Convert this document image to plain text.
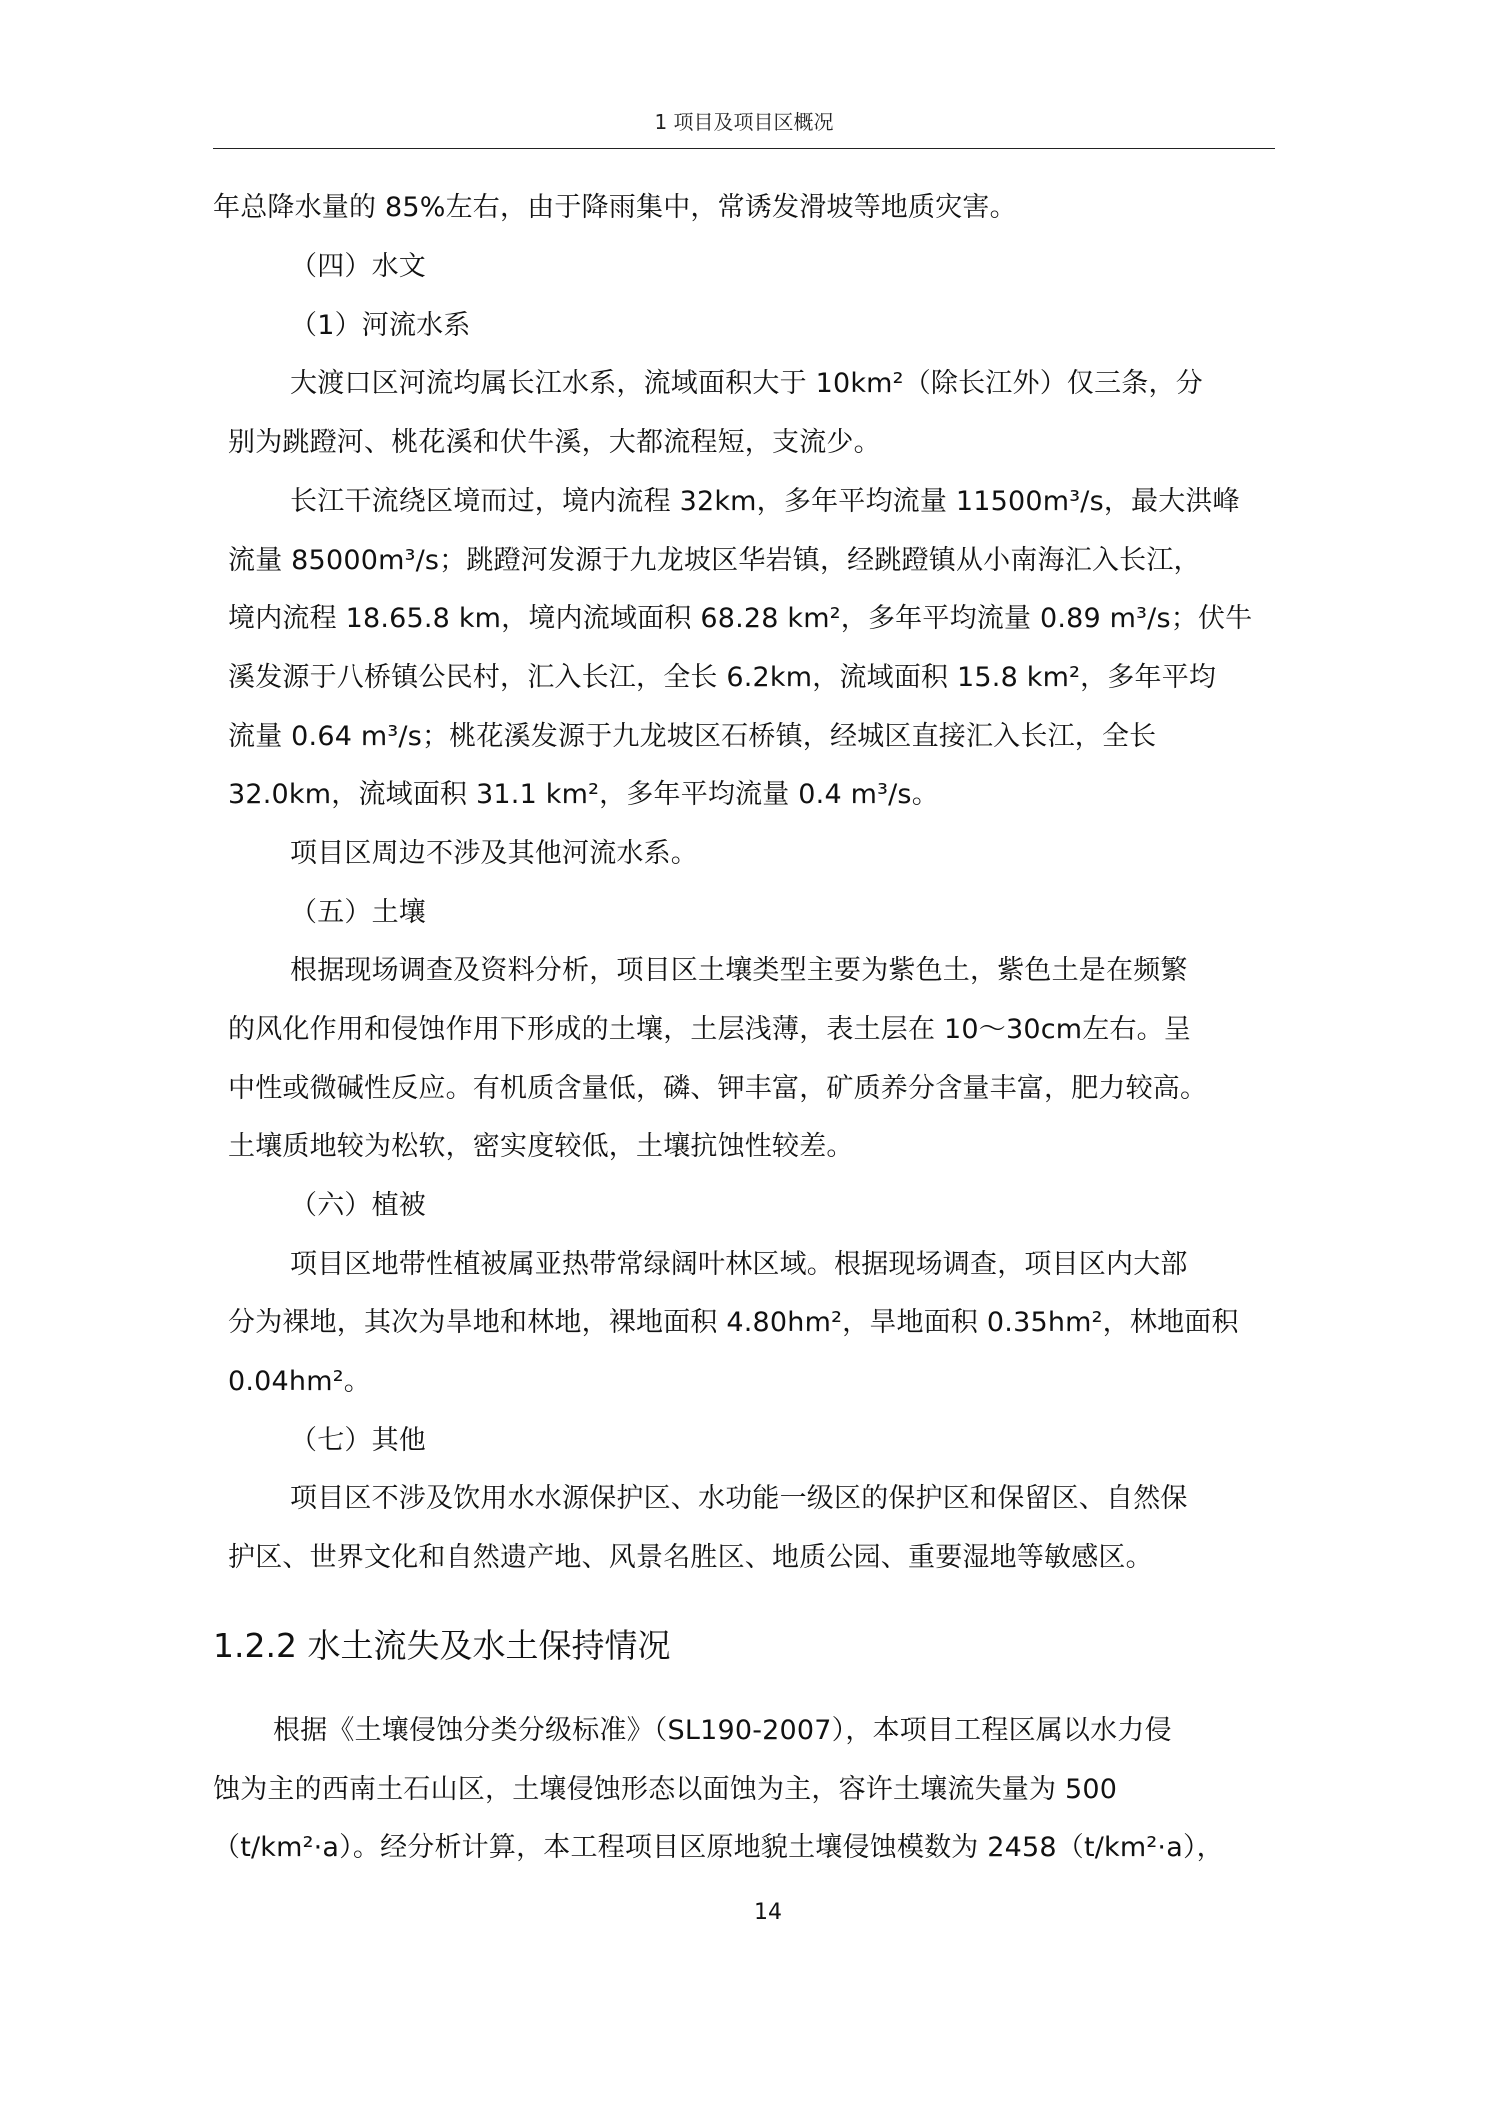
1 项目及项目区概况
年总降水量的 85%左右，由于降雨集中，常诱发滑坡等地质灾害。
（四）水文
（1）河流水系
大渡口区河流均属长江水系，流域面积大于 10km²（除长江外）仅三条，分
别为跳蹬河、桃花溪和伏牛溪，大都流程短，支流少。
长江干流绕区境而过，境内流程 32km，多年平均流量 11500m³/s，最大洪峰
流量 85000m³/s；跳蹬河发源于九龙坡区华岩镇，经跳蹬镇从小南海汇入长江，
境内流程 18.65.8 km，境内流域面积 68.28 km²，多年平均流量 0.89 m³/s；伏牛
溪发源于八桥镇公民村，汇入长江，全长 6.2km，流域面积 15.8 km²，多年平均
流量 0.64 m³/s；桃花溪发源于九龙坡区石桥镇，经城区直接汇入长江，全长
32.0km，流域面积 31.1 km²，多年平均流量 0.4 m³/s。
项目区周边不涉及其他河流水系。
（五）土壤
根据现场调查及资料分析，项目区土壤类型主要为紫色土，紫色土是在频繁
的风化作用和侵蚀作用下形成的土壤，土层浅薄，表土层在 10～30cm左右。呈
中性或微碱性反应。有机质含量低，磷、钾丰富，矿质养分含量丰富，肥力较高。
土壤质地较为松软，密实度较低，土壤抗蚀性较差。
（六）植被
项目区地带性植被属亚热带常绿阔叶林区域。根据现场调查，项目区内大部
分为裸地，其次为旱地和林地，裸地面积 4.80hm²，旱地面积 0.35hm²，林地面积
0.04hm²。
（七）其他
项目区不涉及饮用水水源保护区、水功能一级区的保护区和保留区、自然保
护区、世界文化和自然遗产地、风景名胜区、地质公园、重要湿地等敏感区。
1.2.2 水土流失及水土保持情况
根据《土壤侵蚀分类分级标准》（SL190-2007），本项目工程区属以水力侵
蚀为主的西南土石山区，土壤侵蚀形态以面蚀为主，容许土壤流失量为 500
（t/km²·a）。经分析计算，本工程项目区原地貌土壤侵蚀模数为 2458（t/km²·a），
14
